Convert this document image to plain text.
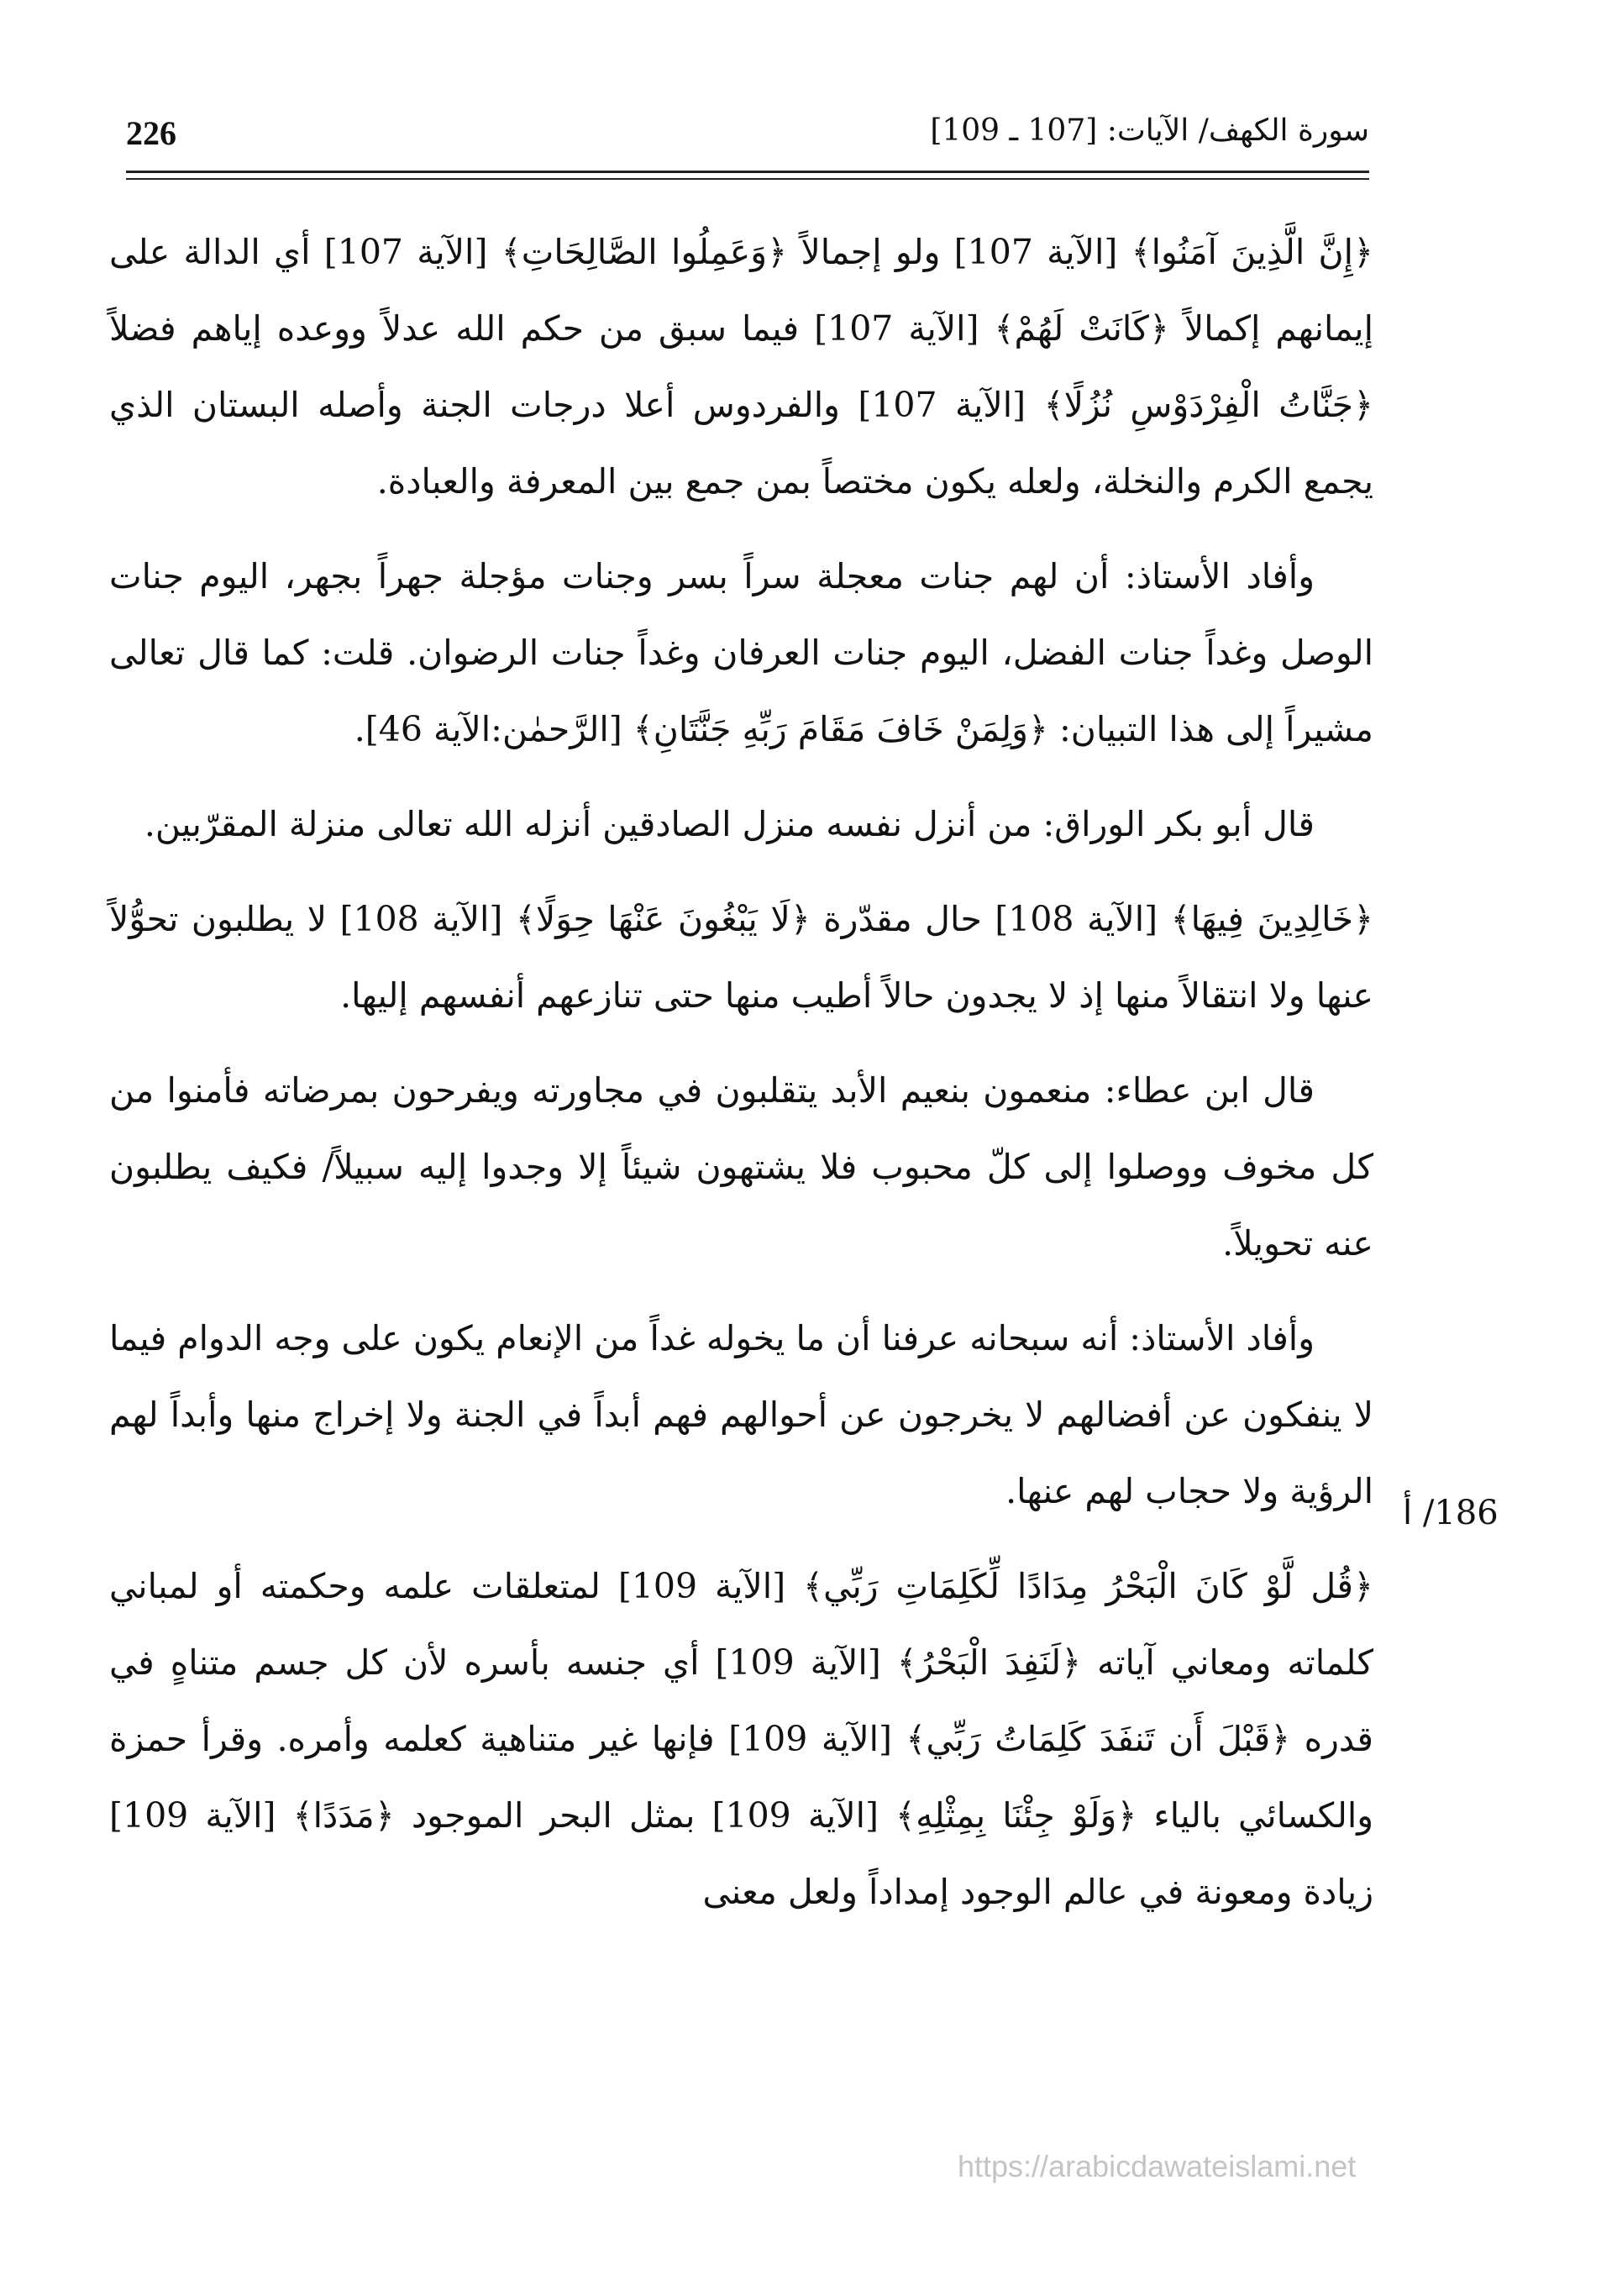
226	سورة الكهف/ الآيات: [107 ـ 109]

﴿إِنَّ الَّذِينَ آمَنُوا﴾ [الآية 107] ولو إجمالاً ﴿وَعَمِلُوا الصَّالِحَاتِ﴾ [الآية 107] أي الدالة على إيمانهم إكمالاً ﴿كَانَتْ لَهُمْ﴾ [الآية 107] فيما سبق من حكم الله عدلاً ووعده إياهم فضلاً ﴿جَنَّاتُ الْفِرْدَوْسِ نُزُلًا﴾ [الآية 107] والفردوس أعلا درجات الجنة وأصله البستان الذي يجمع الكرم والنخلة، ولعله يكون مختصاً بمن جمع بين المعرفة والعبادة.

وأفاد الأستاذ: أن لهم جنات معجلة سراً بسر وجنات مؤجلة جهراً بجهر، اليوم جنات الوصل وغداً جنات الفضل، اليوم جنات العرفان وغداً جنات الرضوان. قلت: كما قال تعالى مشيراً إلى هذا التبيان: ﴿وَلِمَنْ خَافَ مَقَامَ رَبِّهِ جَنَّتَانِ﴾ [الرَّحمٰن:الآية 46].

قال أبو بكر الوراق: من أنزل نفسه منزل الصادقين أنزله الله تعالى منزلة المقرّبين.

﴿خَالِدِينَ فِيهَا﴾ [الآية 108] حال مقدّرة ﴿لَا يَبْغُونَ عَنْهَا حِوَلًا﴾ [الآية 108] لا يطلبون تحوُّلاً عنها ولا انتقالاً منها إذ لا يجدون حالاً أطيب منها حتى تنازعهم أنفسهم إليها.

قال ابن عطاء: منعمون بنعيم الأبد يتقلبون في مجاورته ويفرحون بمرضاته فأمنوا من كل مخوف ووصلوا إلى كلّ محبوب فلا يشتهون شيئاً إلا وجدوا إليه سبيلاً/ فكيف يطلبون عنه تحويلاً.

وأفاد الأستاذ: أنه سبحانه عرفنا أن ما يخوله غداً من الإنعام يكون على وجه الدوام فيما لا ينفكون عن أفضالهم لا يخرجون عن أحوالهم فهم أبداً في الجنة ولا إخراج منها وأبداً لهم الرؤية ولا حجاب لهم عنها.

﴿قُل لَّوْ كَانَ الْبَحْرُ مِدَادًا لِّكَلِمَاتِ رَبِّي﴾ [الآية 109] لمتعلقات علمه وحكمته أو لمباني كلماته ومعاني آياته ﴿لَنَفِدَ الْبَحْرُ﴾ [الآية 109] أي جنسه بأسره لأن كل جسم متناهٍ في قدره ﴿قَبْلَ أَن تَنفَدَ كَلِمَاتُ رَبِّي﴾ [الآية 109] فإنها غير متناهية كعلمه وأمره. وقرأ حمزة والكسائي بالياء ﴿وَلَوْ جِئْنَا بِمِثْلِهِ﴾ [الآية 109] بمثل البحر الموجود ﴿مَدَدًا﴾ [الآية 109] زيادة ومعونة في عالم الوجود إمداداً ولعل معنى

186/ أ
https://arabicdawateislami.net
